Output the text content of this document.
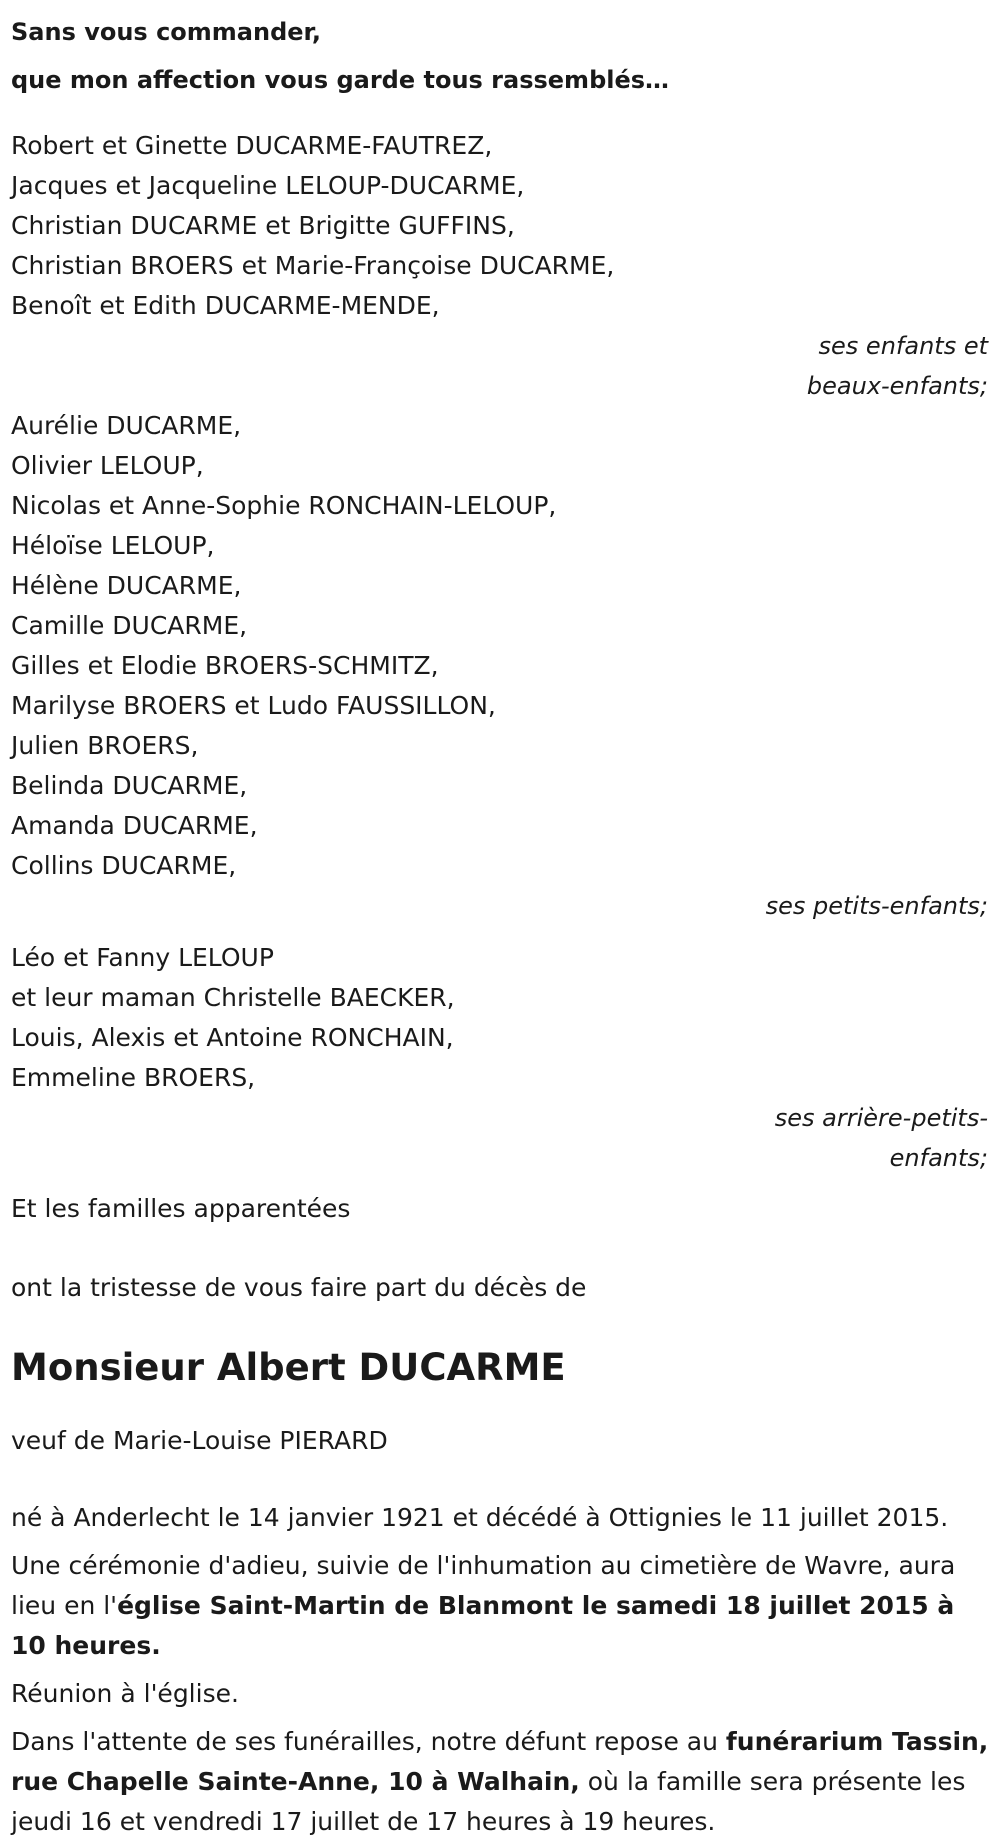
Sans vous commander,
que mon affection vous garde tous rassemblés…
Robert et Ginette DUCARME-FAUTREZ,
Jacques et Jacqueline LELOUP-DUCARME,
Christian DUCARME et Brigitte GUFFINS,
Christian BROERS et Marie-Françoise DUCARME,
Benoît et Edith DUCARME-MENDE,
ses enfants et
beaux-enfants;
Aurélie DUCARME,
Olivier LELOUP,
Nicolas et Anne-Sophie RONCHAIN-LELOUP,
Héloïse LELOUP,
Hélène DUCARME,
Camille DUCARME,
Gilles et Elodie BROERS-SCHMITZ,
Marilyse BROERS et Ludo FAUSSILLON,
Julien BROERS,
Belinda DUCARME,
Amanda DUCARME,
Collins DUCARME,
ses petits-enfants;
Léo et Fanny LELOUP
et leur maman Christelle BAECKER,
Louis, Alexis et Antoine RONCHAIN,
Emmeline BROERS,
ses arrière-petits-
enfants;
Et les familles apparentées
ont la tristesse de vous faire part du décès de
Monsieur Albert DUCARME
veuf de Marie-Louise PIERARD
né à Anderlecht le 14 janvier 1921 et décédé à Ottignies le 11 juillet 2015.
Une cérémonie d'adieu, suivie de l'inhumation au cimetière de Wavre, aura lieu en l'église Saint-Martin de Blanmont le samedi 18 juillet 2015 à 10 heures.
Réunion à l'église.
Dans l'attente de ses funérailles, notre défunt repose au funérarium Tassin, rue Chapelle Sainte-Anne, 10 à Walhain, où la famille sera présente les jeudi 16 et vendredi 17 juillet de 17 heures à 19 heures.
